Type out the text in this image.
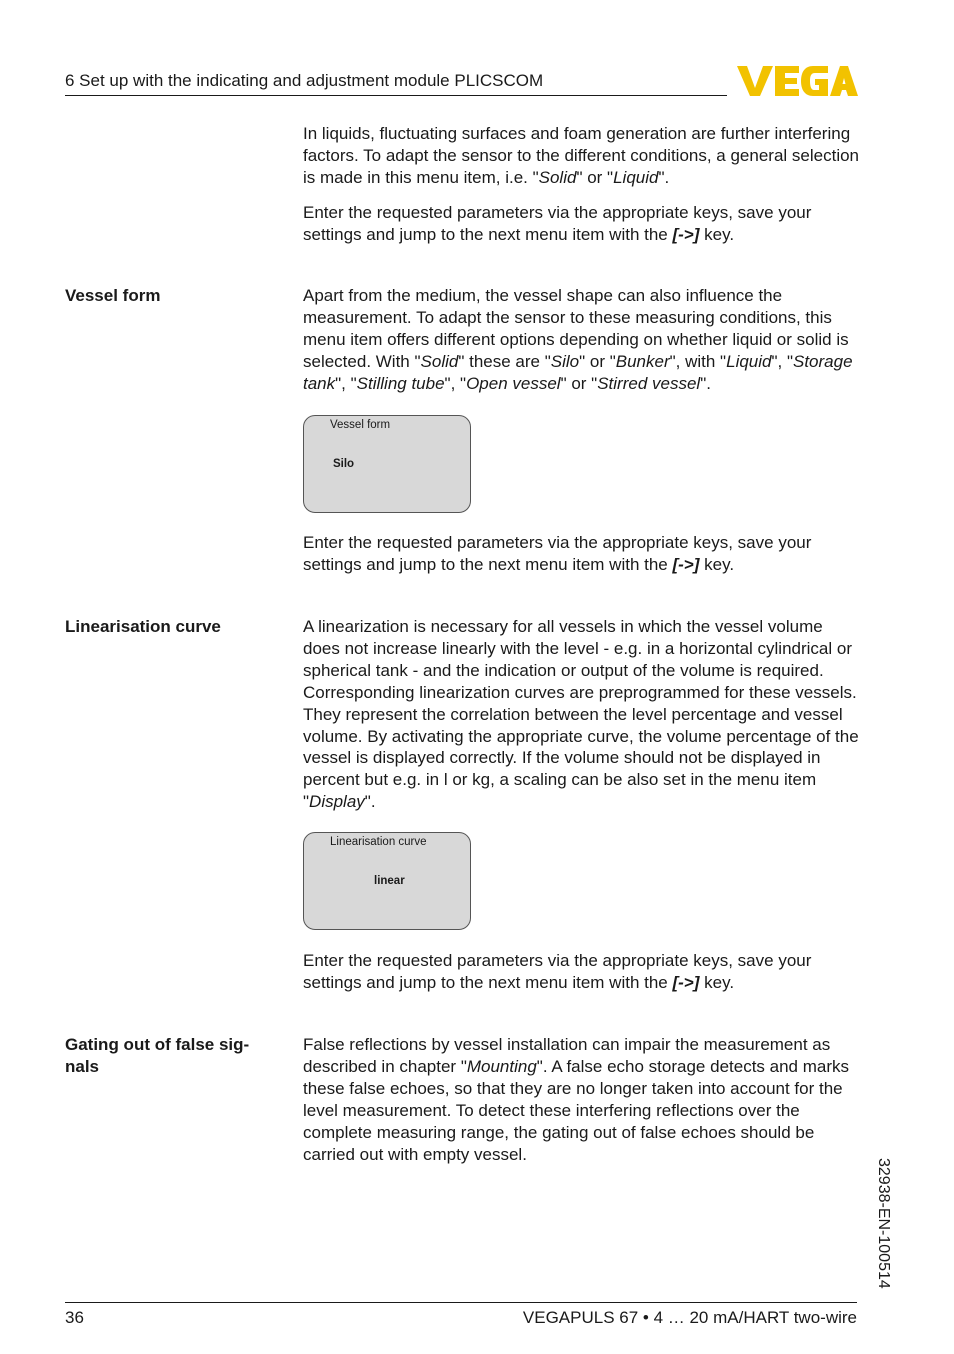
6 Set up with the indicating and adjustment module PLICSCOM
In liquids, fluctuating surfaces and foam generation are further interfering factors. To adapt the sensor to the different conditions, a general selection is made in this menu item, i.e. "Solid" or "Liquid".
Enter the requested parameters via the appropriate keys, save your settings and jump to the next menu item with the [->] key.
Vessel form	Apart from the medium, the vessel shape can also influence the measurement. To adapt the sensor to these measuring conditions, this menu item offers different options depending on whether liquid or solid is selected. With "Solid" these are "Silo" or "Bunker", with "Liquid", "Storage tank", "Stilling tube", "Open vessel" or "Stirred vessel".
Vessel form
Silo
Enter the requested parameters via the appropriate keys, save your settings and jump to the next menu item with the [->] key.
Linearisation curve	A linearization is necessary for all vessels in which the vessel volume does not increase linearly with the level - e.g. in a horizontal cylindrical or spherical tank - and the indication or output of the volume is required. Corresponding linearization curves are preprogrammed for these vessels. They represent the correlation between the level percentage and vessel volume. By activating the appropriate curve, the volume percentage of the vessel is displayed correctly. If the volume should not be displayed in percent but e.g. in l or kg, a scaling can be also set in the menu item "Display".
Linearisation curve
linear
Enter the requested parameters via the appropriate keys, save your settings and jump to the next menu item with the [->] key.
Gating out of false sig-
nals
False reflections by vessel installation can impair the measurement as described in chapter "Mounting". A false echo storage detects and marks these false echoes, so that they are no longer taken into account for the level measurement. To detect these interfering reflections over the complete measuring range, the gating out of false echoes should be carried out with empty vessel.
32938-EN-100514
36	VEGAPULS 67 • 4 … 20 mA/HART two-wire
